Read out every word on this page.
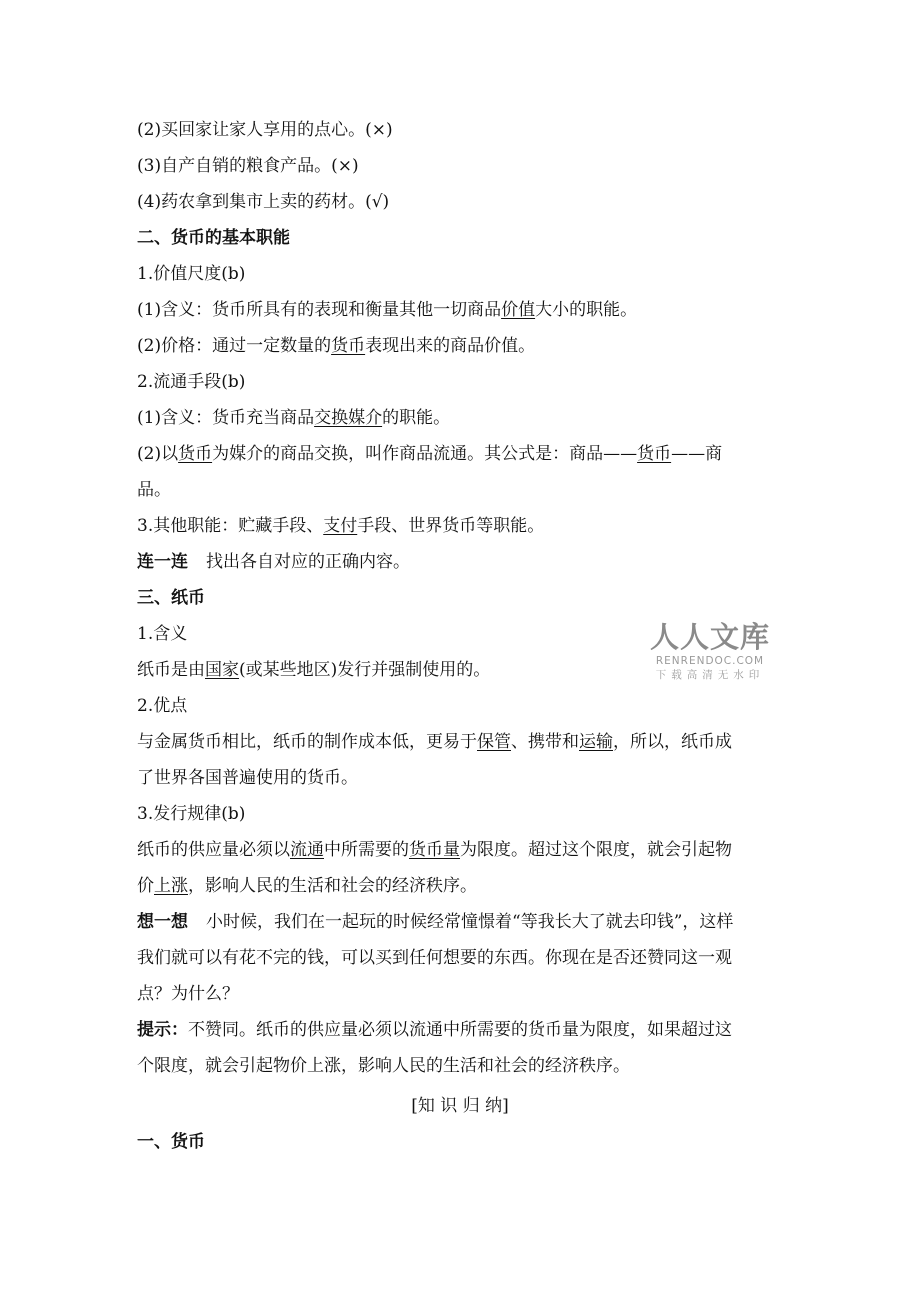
(2)买回家让家人享用的点心。(×)
(3)自产自销的粮食产品。(×)
(4)药农拿到集市上卖的药材。(√)
二、货币的基本职能
1.价值尺度(b)
(1)含义：货币所具有的表现和衡量其他一切商品价值大小的职能。
(2)价格：通过一定数量的货币表现出来的商品价值。
2.流通手段(b)
(1)含义：货币充当商品交换媒介的职能。
(2)以货币为媒介的商品交换，叫作商品流通。其公式是：商品——货币——商
品。
3.其他职能：贮藏手段、支付手段、世界货币等职能。
连一连 找出各自对应的正确内容。
三、纸币
1.含义
纸币是由国家(或某些地区)发行并强制使用的。
2.优点
与金属货币相比，纸币的制作成本低，更易于保管、携带和运输，所以，纸币成
了世界各国普遍使用的货币。
3.发行规律(b)
纸币的供应量必须以流通中所需要的货币量为限度。超过这个限度，就会引起物
价上涨，影响人民的生活和社会的经济秩序。
想一想 小时候，我们在一起玩的时候经常憧憬着“等我长大了就去印钱”，这样
我们就可以有花不完的钱，可以买到任何想要的东西。你现在是否还赞同这一观
点？为什么？
提示：不赞同。纸币的供应量必须以流通中所需要的货币量为限度，如果超过这
个限度，就会引起物价上涨，影响人民的生活和社会的经济秩序。
[知 识 归 纳]
一、货币
人人文库
RENRENDOC.COM
下载高清无水印
